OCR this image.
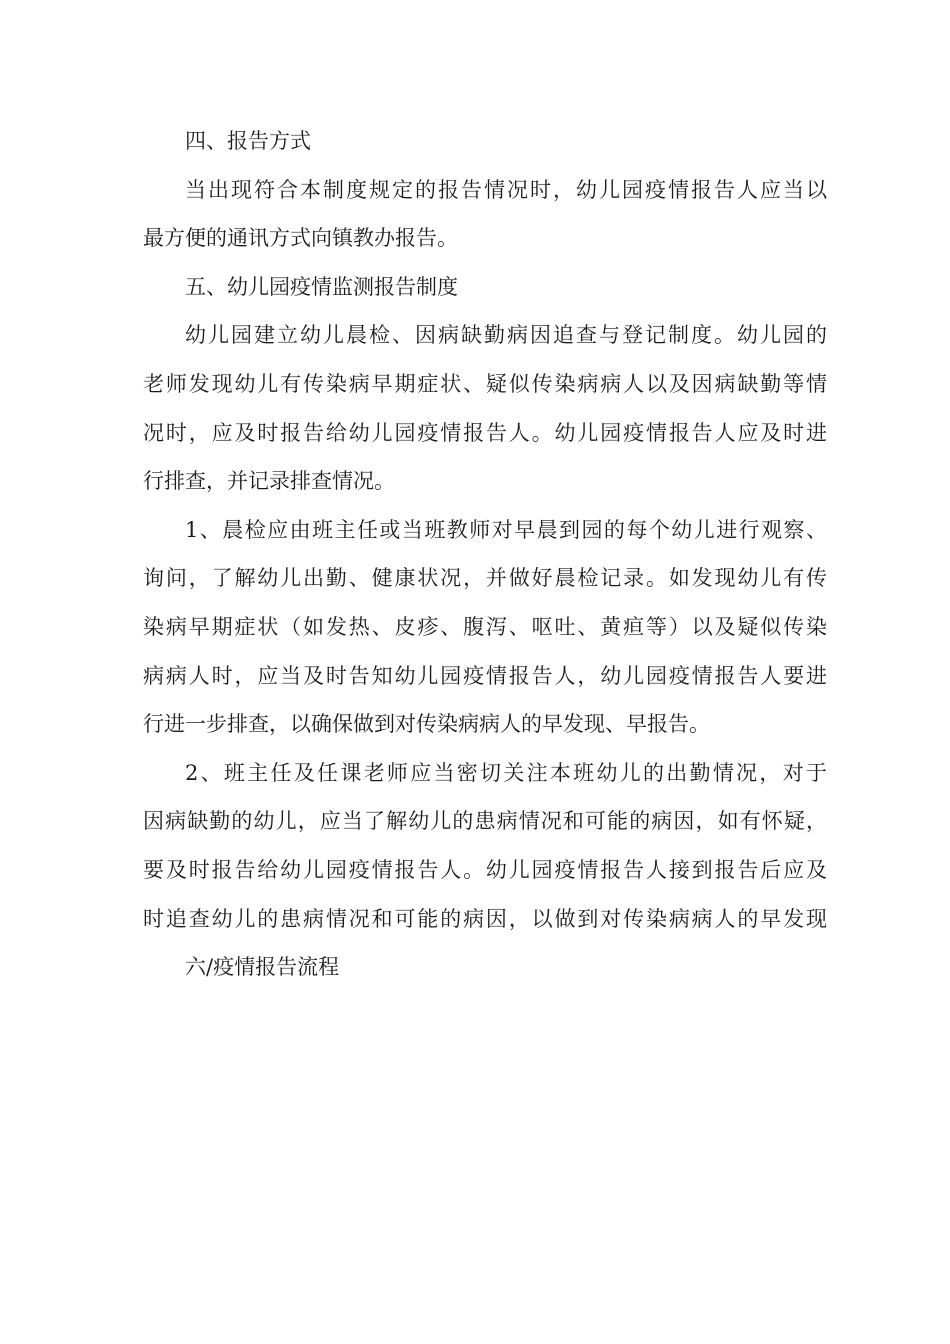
四、报告方式
当出现符合本制度规定的报告情况时，幼儿园疫情报告人应当以
最方便的通讯方式向镇教办报告。
五、幼儿园疫情监测报告制度
幼儿园建立幼儿晨检、因病缺勤病因追查与登记制度。幼儿园的
老师发现幼儿有传染病早期症状、疑似传染病病人以及因病缺勤等情
况时，应及时报告给幼儿园疫情报告人。幼儿园疫情报告人应及时进
行排查，并记录排查情况。
1、晨检应由班主任或当班教师对早晨到园的每个幼儿进行观察、
询问，了解幼儿出勤、健康状况，并做好晨检记录。如发现幼儿有传
染病早期症状（如发热、皮疹、腹泻、呕吐、黄疸等）以及疑似传染
病病人时，应当及时告知幼儿园疫情报告人，幼儿园疫情报告人要进
行进一步排查，以确保做到对传染病病人的早发现、早报告。
2、班主任及任课老师应当密切关注本班幼儿的出勤情况，对于
因病缺勤的幼儿，应当了解幼儿的患病情况和可能的病因，如有怀疑，
要及时报告给幼儿园疫情报告人。幼儿园疫情报告人接到报告后应及
时追查幼儿的患病情况和可能的病因，以做到对传染病病人的早发现
六/疫情报告流程
